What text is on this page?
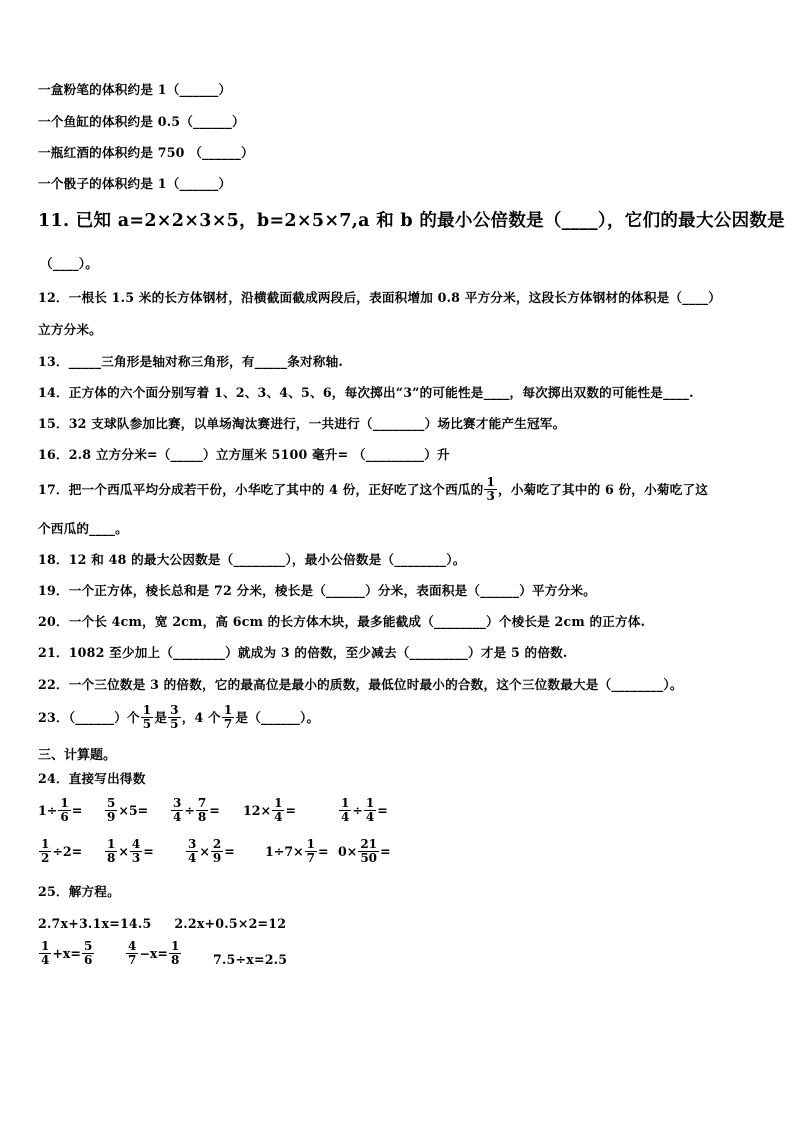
一盒粉笔的体积约是 1（______）
一个鱼缸的体积约是 0.5（______）
一瓶红酒的体积约是 750 （______）
一个骰子的体积约是 1（______）
11. 已知 a=2×2×3×5，b=2×5×7,a 和 b 的最小公倍数是（____），它们的最大公因数是
（____）。
12．一根长 1.5 米的长方体钢材，沿横截面截成两段后，表面积增加 0.8 平方分米，这段长方体钢材的体积是（____）
立方分米。
13．_____三角形是轴对称三角形，有_____条对称轴.
14．正方体的六个面分别写着 1、2、3、4、5、6，每次掷出“3”的可能性是____，每次掷出双数的可能性是____.
15．32 支球队参加比赛，以单场淘汰赛进行，一共进行（________）场比赛才能产生冠军。
16．2.8 立方分米=（_____）立方厘米 5100 毫升= （_________）升
17．把一个西瓜平均分成若干份，小华吃了其中的 4 份，正好吃了这个西瓜的 $\frac{1}{3}$ ，小菊吃了其中的 6 份，小菊吃了这
个西瓜的____。
18．12 和 48 的最大公因数是（________），最小公倍数是（________）。
19．一个正方体，棱长总和是 72 分米，棱长是（______）分米，表面积是（______）平方分米。
20．一个长 4cm，宽 2cm，高 6cm 的长方体木块，最多能截成（________）个棱长是 2cm 的正方体.
21．1082 至少加上（________）就成为 3 的倍数，至少减去（_________）才是 5 的倍数.
22．一个三位数是 3 的倍数，它的最高位是最小的质数，最低位时最小的合数，这个三位数最大是（________）。
23．（______）个 $\frac{1}{5}$ 是 $\frac{3}{5}$ ，4 个 $\frac{1}{7}$ 是（______）。
三、计算题。
24．直接写出得数
$1\div \frac{1}{6} = \frac{5}{9} \times 5= \frac{3}{4} \div \frac{7}{8} = 12\times \frac{1}{4}$ =	$\frac{1}{4} \div \frac{1}{4}$ =
$\frac{1}{2} \div 2= \frac{1}{8} \times \frac{4}{3}$ =	$\frac{3}{4} \times \frac{2}{9} = 1\div 7\times \frac{1}{7} = 0\times \frac{21}{50}$ =
25．解方程。
2.7x+3.1x=14.5     2.2x+0.5×2=12
$\frac{1}{4} +x= \frac{5}{6}$	$\frac{4}{7} -x= \frac{1}{8}$	7.5÷x=2.5
